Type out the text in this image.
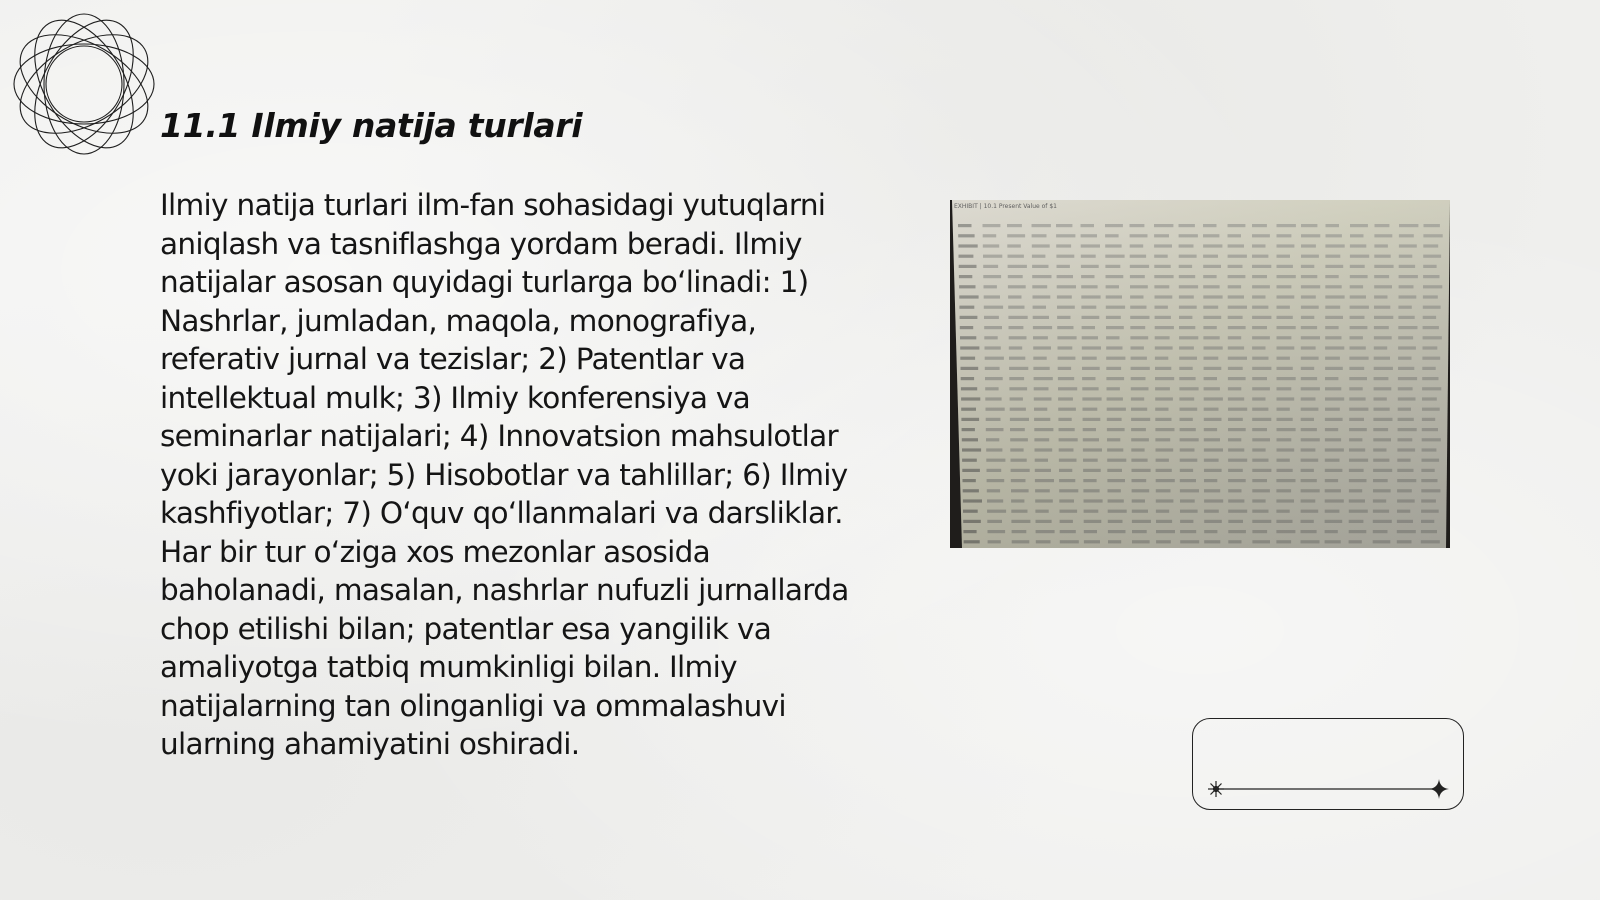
11.1 Ilmiy natija turlari

Ilmiy natija turlari ilm-fan sohasidagi yutuqlarni aniqlash va tasniflashga yordam beradi. Ilmiy natijalar asosan quyidagi turlarga bo‘linadi: 1) Nashrlar, jumladan, maqola, monografiya, referativ jurnal va tezislar; 2) Patentlar va intellektual mulk; 3) Ilmiy konferensiya va seminarlar natijalari; 4) Innovatsion mahsulotlar yoki jarayonlar; 5) Hisobotlar va tahlillar; 6) Ilmiy kashfiyotlar; 7) O‘quv qo‘llanmalari va darsliklar. Har bir tur o‘ziga xos mezonlar asosida baholanadi, masalan, nashrlar nufuzli jurnallarda chop etilishi bilan; patentlar esa yangilik va amaliyotga tatbiq mumkinligi bilan. Ilmiy natijalarning tan olinganligi va ommalashuvi ularning ahamiyatini oshiradi.
